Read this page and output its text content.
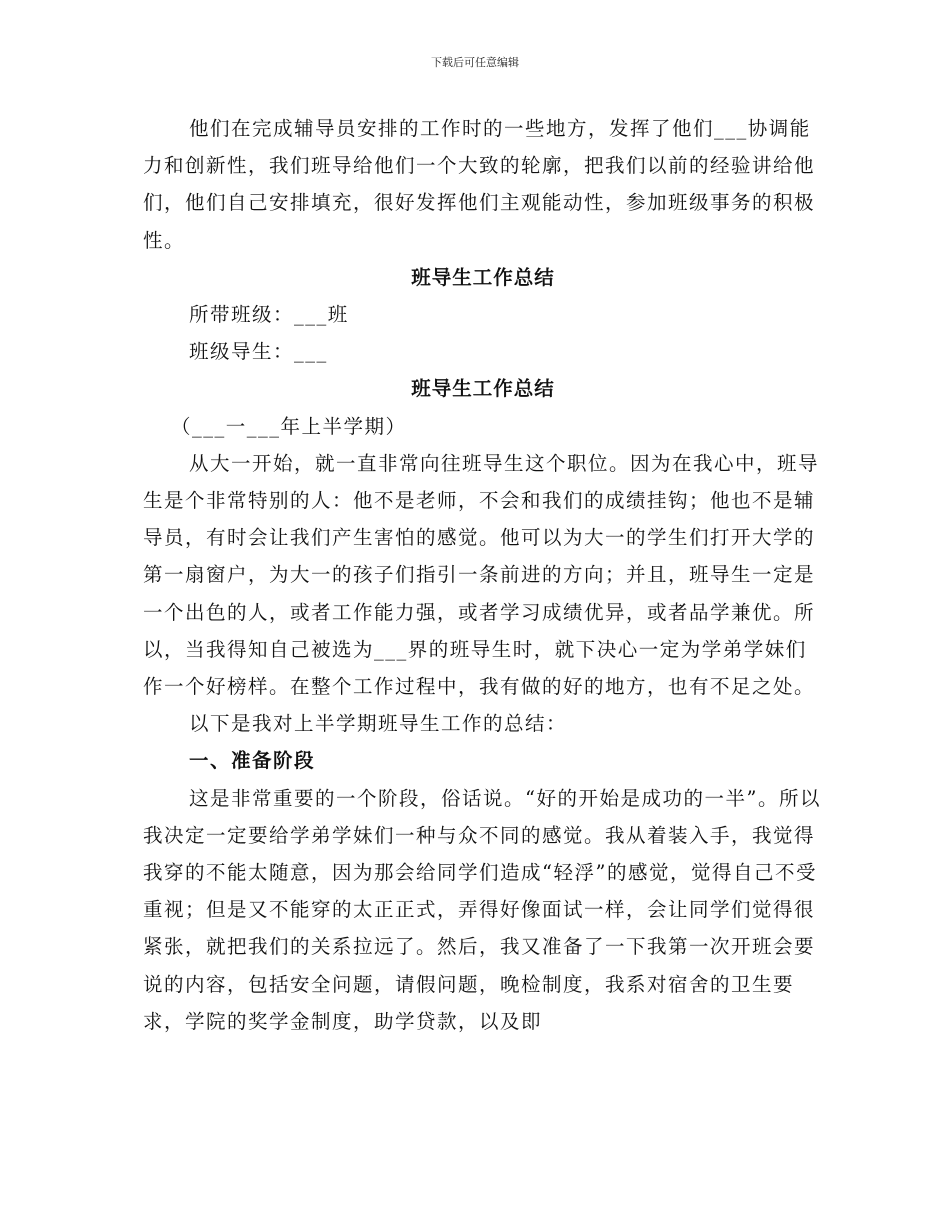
下载后可任意编辑

他们在完成辅导员安排的工作时的一些地方，发挥了他们___协调能力和创新性，我们班导给他们一个大致的轮廓，把我们以前的经验讲给他们，他们自己安排填充，很好发挥他们主观能动性，参加班级事务的积极性。

班导生工作总结

所带班级：___班

班级导生：___

班导生工作总结

（___一___年上半学期）

从大一开始，就一直非常向往班导生这个职位。因为在我心中，班导生是个非常特别的人：他不是老师，不会和我们的成绩挂钩；他也不是辅导员，有时会让我们产生害怕的感觉。他可以为大一的学生们打开大学的第一扇窗户，为大一的孩子们指引一条前进的方向；并且，班导生一定是一个出色的人，或者工作能力强，或者学习成绩优异，或者品学兼优。所以，当我得知自己被选为___界的班导生时，就下决心一定为学弟学妹们作一个好榜样。在整个工作过程中，我有做的好的地方，也有不足之处。

以下是我对上半学期班导生工作的总结：

一、准备阶段

这是非常重要的一个阶段，俗话说。“好的开始是成功的一半”。所以我决定一定要给学弟学妹们一种与众不同的感觉。我从着装入手，我觉得我穿的不能太随意，因为那会给同学们造成“轻浮”的感觉，觉得自己不受重视；但是又不能穿的太正正式，弄得好像面试一样，会让同学们觉得很紧张，就把我们的关系拉远了。然后，我又准备了一下我第一次开班会要说的内容，包括安全问题，请假问题，晚检制度，我系对宿舍的卫生要求，学院的奖学金制度，助学贷款，以及即
